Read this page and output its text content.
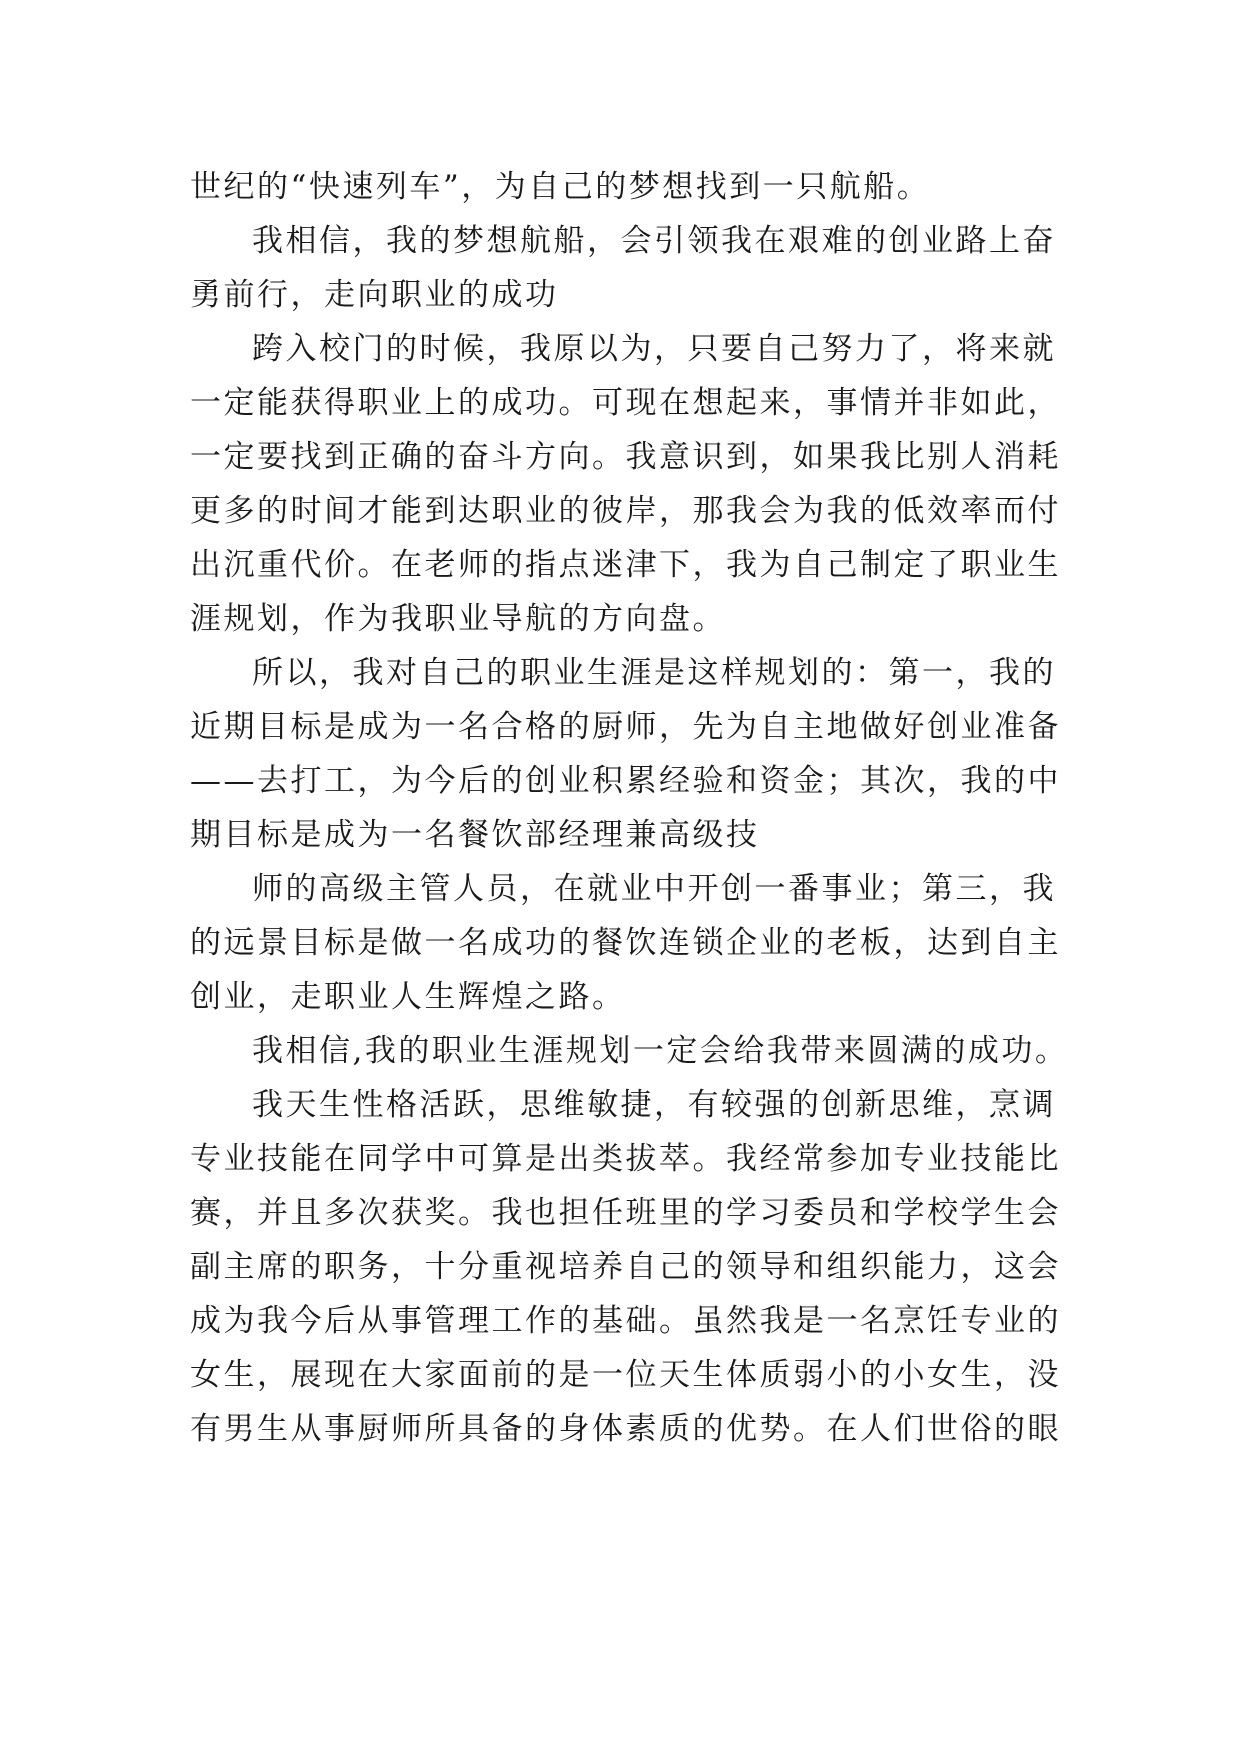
世纪的“快速列车”，为自己的梦想找到一只航船。
我相信，我的梦想航船，会引领我在艰难的创业路上奋
勇前行，走向职业的成功
跨入校门的时候，我原以为，只要自己努力了，将来就
一定能获得职业上的成功。可现在想起来，事情并非如此，
一定要找到正确的奋斗方向。我意识到，如果我比别人消耗
更多的时间才能到达职业的彼岸，那我会为我的低效率而付
出沉重代价。在老师的指点迷津下，我为自己制定了职业生
涯规划，作为我职业导航的方向盘。
所以，我对自己的职业生涯是这样规划的：第一，我的
近期目标是成为一名合格的厨师，先为自主地做好创业准备
——去打工，为今后的创业积累经验和资金；其次，我的中
期目标是成为一名餐饮部经理兼高级技
师的高级主管人员，在就业中开创一番事业；第三，我
的远景目标是做一名成功的餐饮连锁企业的老板，达到自主
创业，走职业人生辉煌之路。
我相信,我的职业生涯规划一定会给我带来圆满的成功。
我天生性格活跃，思维敏捷，有较强的创新思维，烹调
专业技能在同学中可算是出类拔萃。我经常参加专业技能比
赛，并且多次获奖。我也担任班里的学习委员和学校学生会
副主席的职务，十分重视培养自己的领导和组织能力，这会
成为我今后从事管理工作的基础。虽然我是一名烹饪专业的
女生，展现在大家面前的是一位天生体质弱小的小女生，没
有男生从事厨师所具备的身体素质的优势。在人们世俗的眼
